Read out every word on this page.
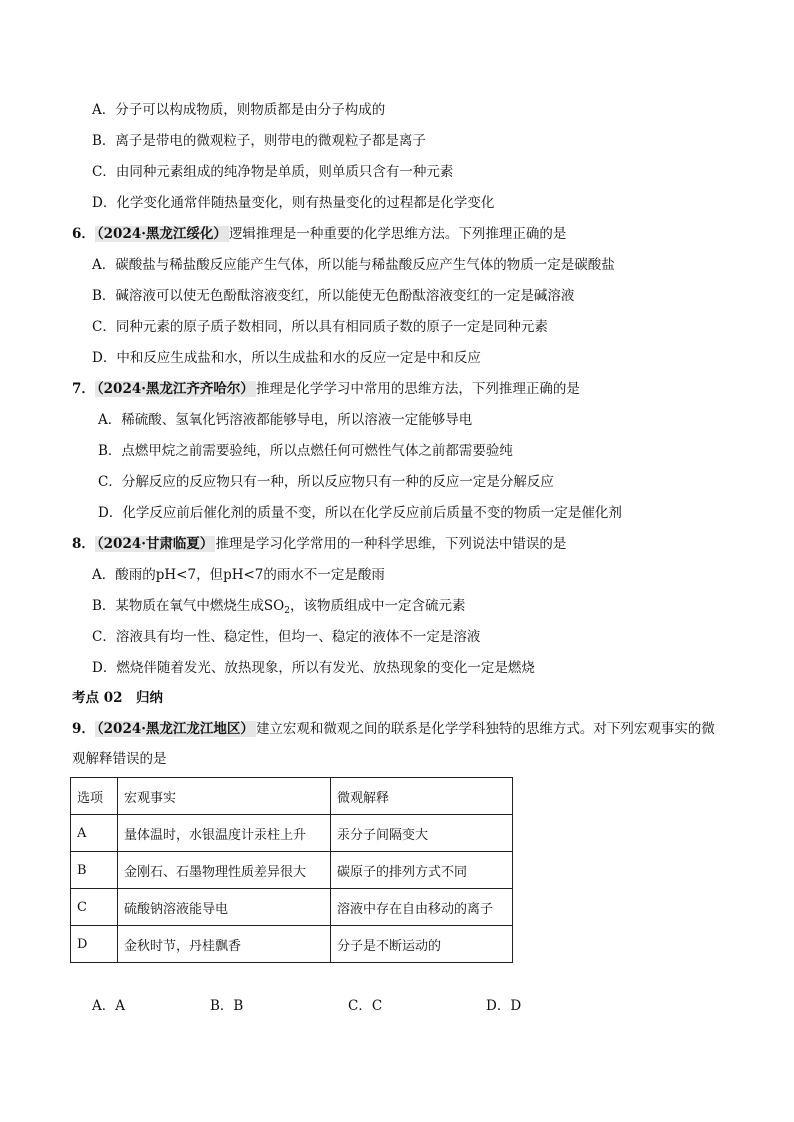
A．分子可以构成物质，则物质都是由分子构成的
B．离子是带电的微观粒子，则带电的微观粒子都是离子
C．由同种元素组成的纯净物是单质，则单质只含有一种元素
D．化学变化通常伴随热量变化，则有热量变化的过程都是化学变化
6． （2024·黑龙江绥化） 逻辑推理是一种重要的化学思维方法。下列推理正确的是
A．碳酸盐与稀盐酸反应能产生气体，所以能与稀盐酸反应产生气体的物质一定是碳酸盐
B．碱溶液可以使无色酚酞溶液变红，所以能使无色酚酞溶液变红的一定是碱溶液
C．同种元素的原子质子数相同，所以具有相同质子数的原子一定是同种元素
D．中和反应生成盐和水，所以生成盐和水的反应一定是中和反应
7． （2024·黑龙江齐齐哈尔） 推理是化学学习中常用的思维方法，下列推理正确的是
A．稀硫酸、氢氧化钙溶液都能够导电，所以溶液一定能够导电
B．点燃甲烷之前需要验纯，所以点燃任何可燃性气体之前都需要验纯
C．分解反应的反应物只有一种，所以反应物只有一种的反应一定是分解反应
D．化学反应前后催化剂的质量不变，所以在化学反应前后质量不变的物质一定是催化剂
8． （2024·甘肃临夏） 推理是学习化学常用的一种科学思维，下列说法中错误的是
A．酸雨的pH<7，但pH<7的雨水不一定是酸雨
B．某物质在氧气中燃烧生成$SO_2$，该物质组成中一定含硫元素
C．溶液具有均一性、稳定性，但均一、稳定的液体不一定是溶液
D．燃烧伴随着发光、放热现象，所以有发光、放热现象的变化一定是燃烧
考点 02　归纳
9． （2024·黑龙江龙江地区） 建立宏观和微观之间的联系是化学学科独特的思维方式。对下列宏观事实的微
观解释错误的是
选项	宏观事实	微观解释
A	量体温时，水银温度计汞柱上升	汞分子间隔变大
B	金刚石、石墨物理性质差异很大	碳原子的排列方式不同
C	硫酸钠溶液能导电	溶液中存在自由移动的离子
D	金秋时节，丹桂飘香	分子是不断运动的
A．A	B．B	C．C	D．D
